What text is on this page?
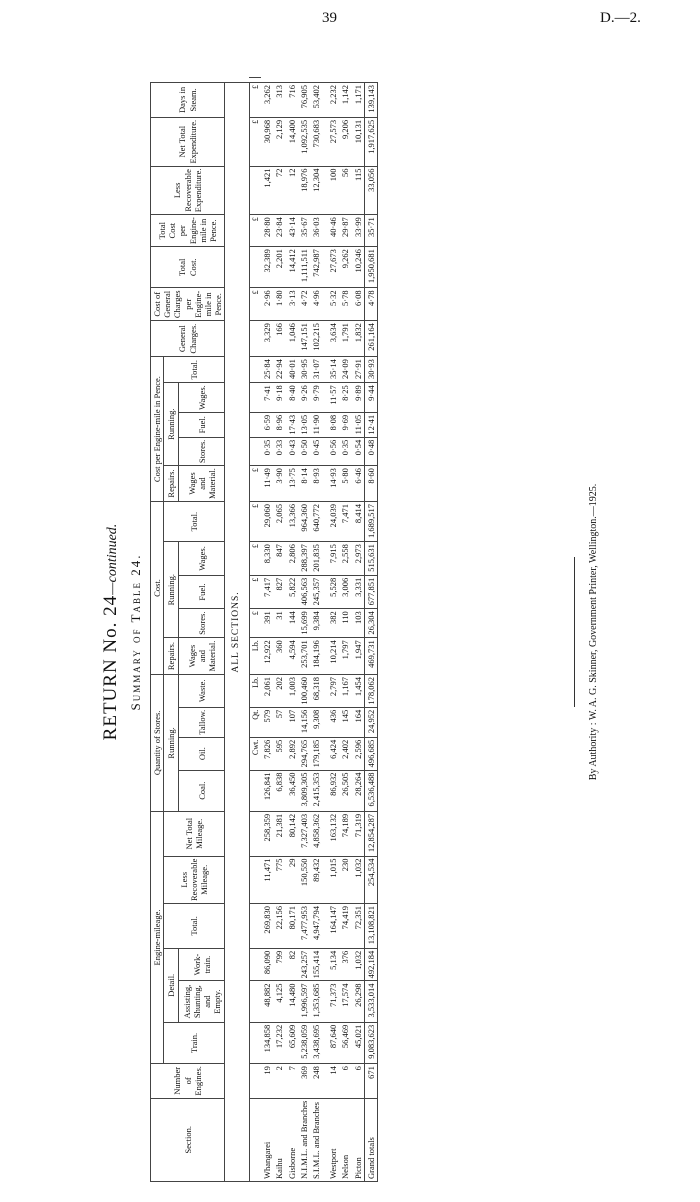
39	D.—2.
RETURN No. 24—continued. Summary of Table 24.
Section.	Number of Engines.	Engine-mileage.						Quantity of Stores.				Cost.					Cost per Engine-mile in Pence.					General Charges.	Cost of General Charges per Engine-mile in Pence.	Total Cost.	Total Cost per Engine-mile in Pence.	Less Recoverable Expenditure.	Net Total Expenditure.	Days in Steam.	
		Train.	Detail.		Total.	Less Recoverable Mileage.	Net Total Mileage.	Running.				Repairs.	Running.			Total.	Repairs.	Running.			Total.								
			Assisting, Shunting, and Empty.	Work-train.				Coal.	Oil.	Tallow.	Waste.	Wages and Material.	Stores.	Fuel.	Wages.		Wages and Material.	Stores.	Fuel.	Wages.									

ALL SECTIONS.																													
									Cwt.	Qt.	Lb.	Lb.	£	£	£	£	£						£		£		£	£	
Whangarei	19	134,858	48,882	86,090	269,830	11,471	258,359	126,841	7,826	579	2,061	12,922	391	7,417	8,330	29,060	11·49	0·35	6·59	7·41	25·84	3,329	2·96	32,389	28·80	1,421	30,968	3,262	
Kaihu	2	17,232	4,125	799	22,156	775	21,381	6,838	595	57	202	360	31	827	847	2,065	3·90	0·33	8·96	9·18	22·94	166	1·80	2,201	23·84	72	2,129	313	
Gisborne	7	65,609	14,480	82	80,171	29	80,142	36,450	2,892	107	1,003	4,594	144	5,822	2,806	13,366	13·75	0·43	17·43	8·40	40·01	1,046	3·13	14,412	43·14	12	14,400	716	
N.I.M.L. and Branches	369	5,238,059	1,996,597	243,257	7,477,953	150,550	7,327,403	3,809,305	294,765	14,156	100,460	253,701	15,699	406,563	288,397	964,360	8·14	0·50	13·05	9·26	30·95	147,151	4·72	1,111,511	35·67	18,976	1,092,535	76,905	
S.I.M.L. and Branches	248	3,438,695	1,353,685	155,414	4,947,794	89,432	4,858,362	2,415,353	179,185	9,308	68,318	184,196	9,384	245,357	201,835	640,772	8·93	0·45	11·90	9·79	31·07	102,215	4·96	742,987	36·03	12,304	730,683	53,402	

Westport	14	87,640	71,373	5,134	164,147	1,015	163,132	86,932	6,424	436	2,797	10,214	382	5,528	7,915	24,039	14·93	0·56	8·08	11·57	35·14	3,634	5·32	27,673	40·46	100	27,573	2,232	
Nelson	6	56,469	17,574	376	74,419	230	74,189	26,505	2,402	145	1,167	1,797	110	3,006	2,558	7,471	5·80	0·35	9·69	8·25	24·09	1,791	5·78	9,262	29·87	56	9,206	1,142	
Picton	6	45,021	26,298	1,032	72,351	1,032	71,319	28,264	2,596	164	1,454	1,947	103	3,331	2,973	8,414	6·46	0·54	11·05	9·89	27·91	1,832	6·08	10,246	33·99	115	10,131	1,171	
Grand totals	671	9,083,623	3,533,014	492,184	13,108,821	254,534	12,854,287	6,536,488	496,685	24,952	178,062	469,731	26,304	677,851	515,631	1,689,517	8·60	0·48	12·41	9·44	30·93	261,164	4·78	1,950,681	35·71	33,056	1,917,625	139,143	
By Authority : W. A. G. Skinner, Government Printer, Wellington.—1925.
